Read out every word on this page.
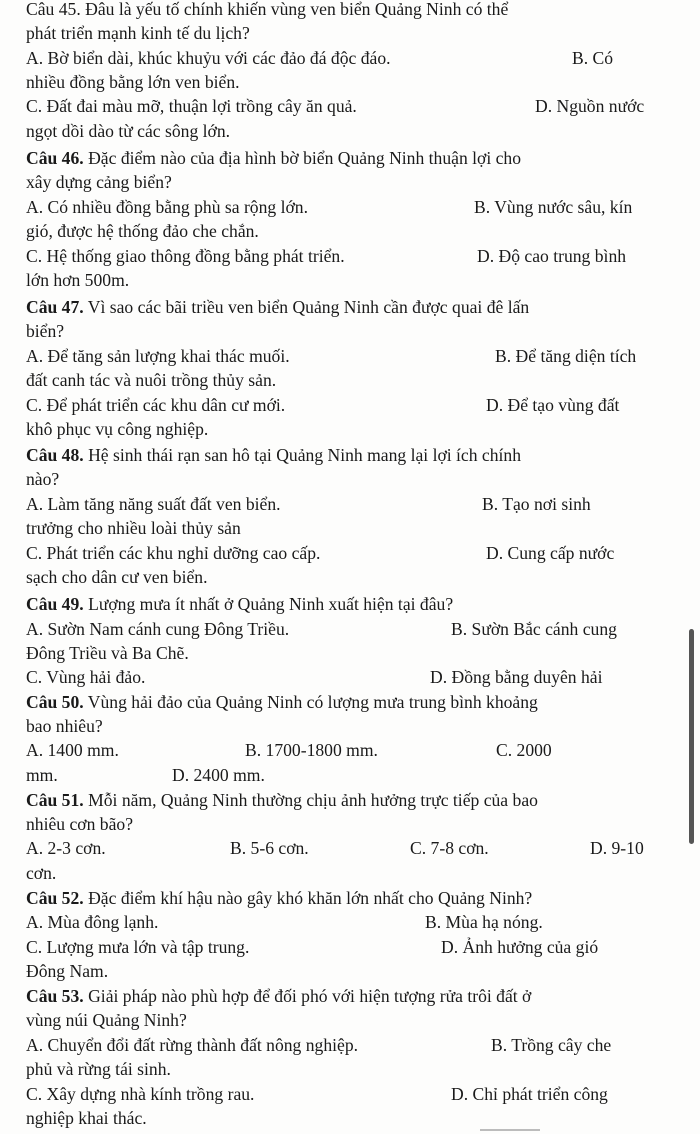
Câu 45. Đâu là yếu tố chính khiến vùng ven biển Quảng Ninh có thể

phát triển mạnh kinh tế du lịch?

A. Bờ biển dài, khúc khuỷu với các đảo đá độc đáo.

	B. Có

nhiều đồng bằng lớn ven biển.

C. Đất đai màu mỡ, thuận lợi trồng cây ăn quả.

	D. Nguồn nước

ngọt dồi dào từ các sông lớn.

Câu 46. Đặc điểm nào của địa hình bờ biển Quảng Ninh thuận lợi cho

xây dựng cảng biển?

A. Có nhiều đồng bằng phù sa rộng lớn.

	B. Vùng nước sâu, kín

gió, được hệ thống đảo che chắn.

C. Hệ thống giao thông đồng bằng phát triển.

	D. Độ cao trung bình

lớn hơn 500m.

Câu 47. Vì sao các bãi triều ven biển Quảng Ninh cần được quai đê lấn

biển?

A. Để tăng sản lượng khai thác muối.

	B. Để tăng diện tích

đất canh tác và nuôi trồng thủy sản.

C. Để phát triển các khu dân cư mới.

	D. Để tạo vùng đất

khô phục vụ công nghiệp.

Câu 48. Hệ sinh thái rạn san hô tại Quảng Ninh mang lại lợi ích chính

nào?

A. Làm tăng năng suất đất ven biển.

	B. Tạo nơi sinh

trưởng cho nhiều loài thủy sản

C. Phát triển các khu nghỉ dưỡng cao cấp.

	D. Cung cấp nước

sạch cho dân cư ven biển.

Câu 49. Lượng mưa ít nhất ở Quảng Ninh xuất hiện tại đâu?

A. Sườn Nam cánh cung Đông Triều.

	B. Sườn Bắc cánh cung

Đông Triều và Ba Chẽ.

C. Vùng hải đảo.

	D. Đồng bằng duyên hải

Câu 50. Vùng hải đảo của Quảng Ninh có lượng mưa trung bình khoảng

bao nhiêu?

A. 1400 mm.

	B. 1700-1800 mm.

	C. 2000

mm.

	D. 2400 mm.

Câu 51. Mỗi năm, Quảng Ninh thường chịu ảnh hưởng trực tiếp của bao

nhiêu cơn bão?

A. 2-3 cơn.

	B. 5-6 cơn.

	C. 7-8 cơn.

	D. 9-10

cơn.

Câu 52. Đặc điểm khí hậu nào gây khó khăn lớn nhất cho Quảng Ninh?

A. Mùa đông lạnh.

	B. Mùa hạ nóng.

C. Lượng mưa lớn và tập trung.

	D. Ảnh hưởng của gió

Đông Nam.

Câu 53. Giải pháp nào phù hợp để đối phó với hiện tượng rửa trôi đất ở

vùng núi Quảng Ninh?

A. Chuyển đổi đất rừng thành đất nông nghiệp.

	B. Trồng cây che

phủ và rừng tái sinh.

C. Xây dựng nhà kính trồng rau.

	D. Chỉ phát triển công

nghiệp khai thác.
